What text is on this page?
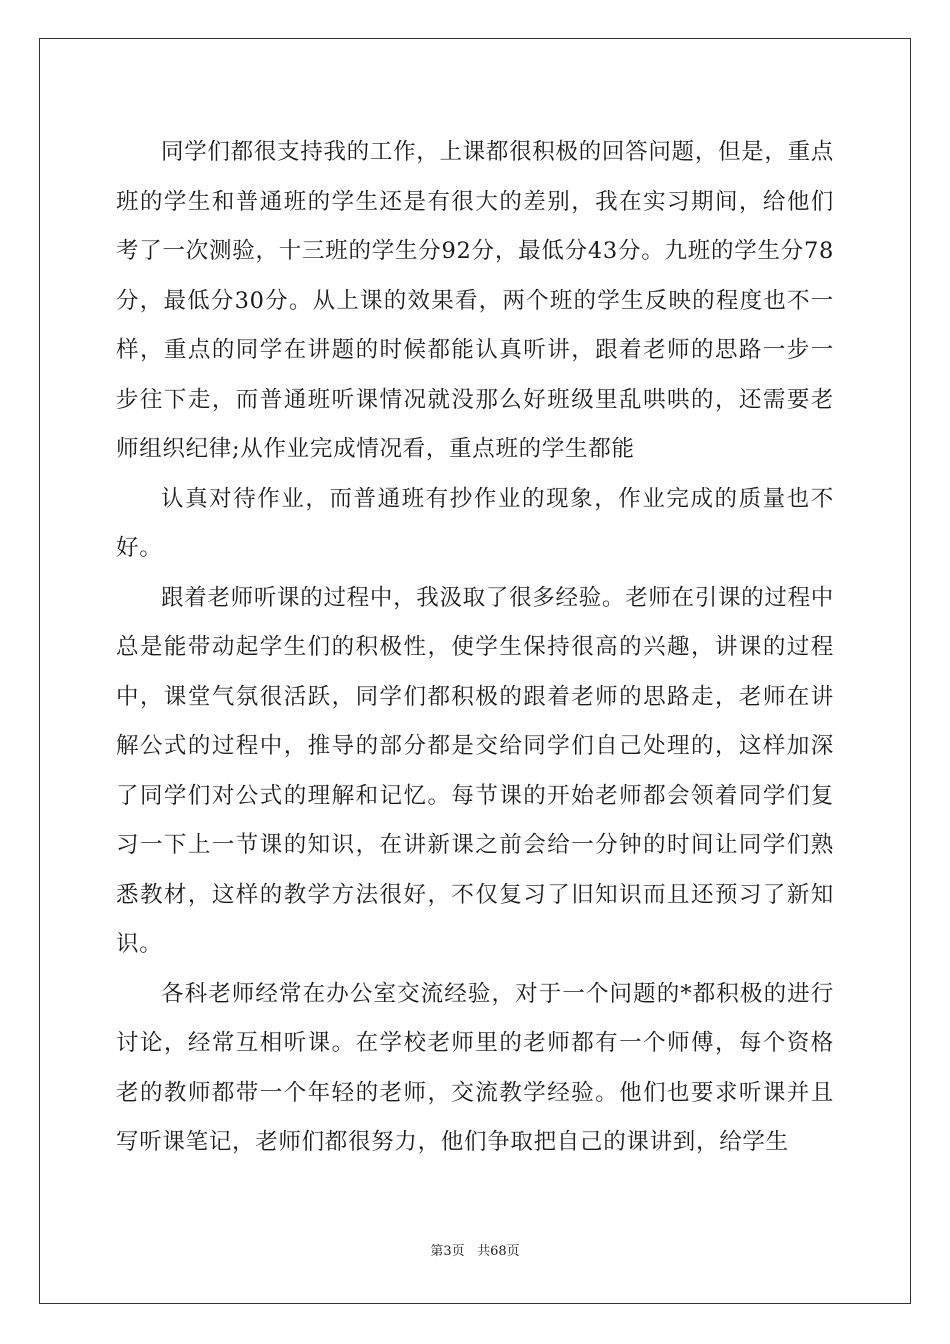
同学们都很支持我的工作，上课都很积极的回答问题，但是，重点班的学生和普通班的学生还是有很大的差别，我在实习期间，给他们考了一次测验，十三班的学生分92分，最低分43分。九班的学生分78分，最低分30分。从上课的效果看，两个班的学生反映的程度也不一样，重点的同学在讲题的时候都能认真听讲，跟着老师的思路一步一步往下走，而普通班听课情况就没那么好班级里乱哄哄的，还需要老师组织纪律;从作业完成情况看，重点班的学生都能

认真对待作业，而普通班有抄作业的现象，作业完成的质量也不好。

跟着老师听课的过程中，我汲取了很多经验。老师在引课的过程中总是能带动起学生们的积极性，使学生保持很高的兴趣，讲课的过程中，课堂气氛很活跃，同学们都积极的跟着老师的思路走，老师在讲解公式的过程中，推导的部分都是交给同学们自己处理的，这样加深了同学们对公式的理解和记忆。每节课的开始老师都会领着同学们复习一下上一节课的知识，在讲新课之前会给一分钟的时间让同学们熟悉教材，这样的教学方法很好，不仅复习了旧知识而且还预习了新知识。

各科老师经常在办公室交流经验，对于一个问题的*都积极的进行讨论，经常互相听课。在学校老师里的老师都有一个师傅，每个资格老的教师都带一个年轻的老师，交流教学经验。他们也要求听课并且写听课笔记，老师们都很努力，他们争取把自己的课讲到，给学生

第3页 共68页
